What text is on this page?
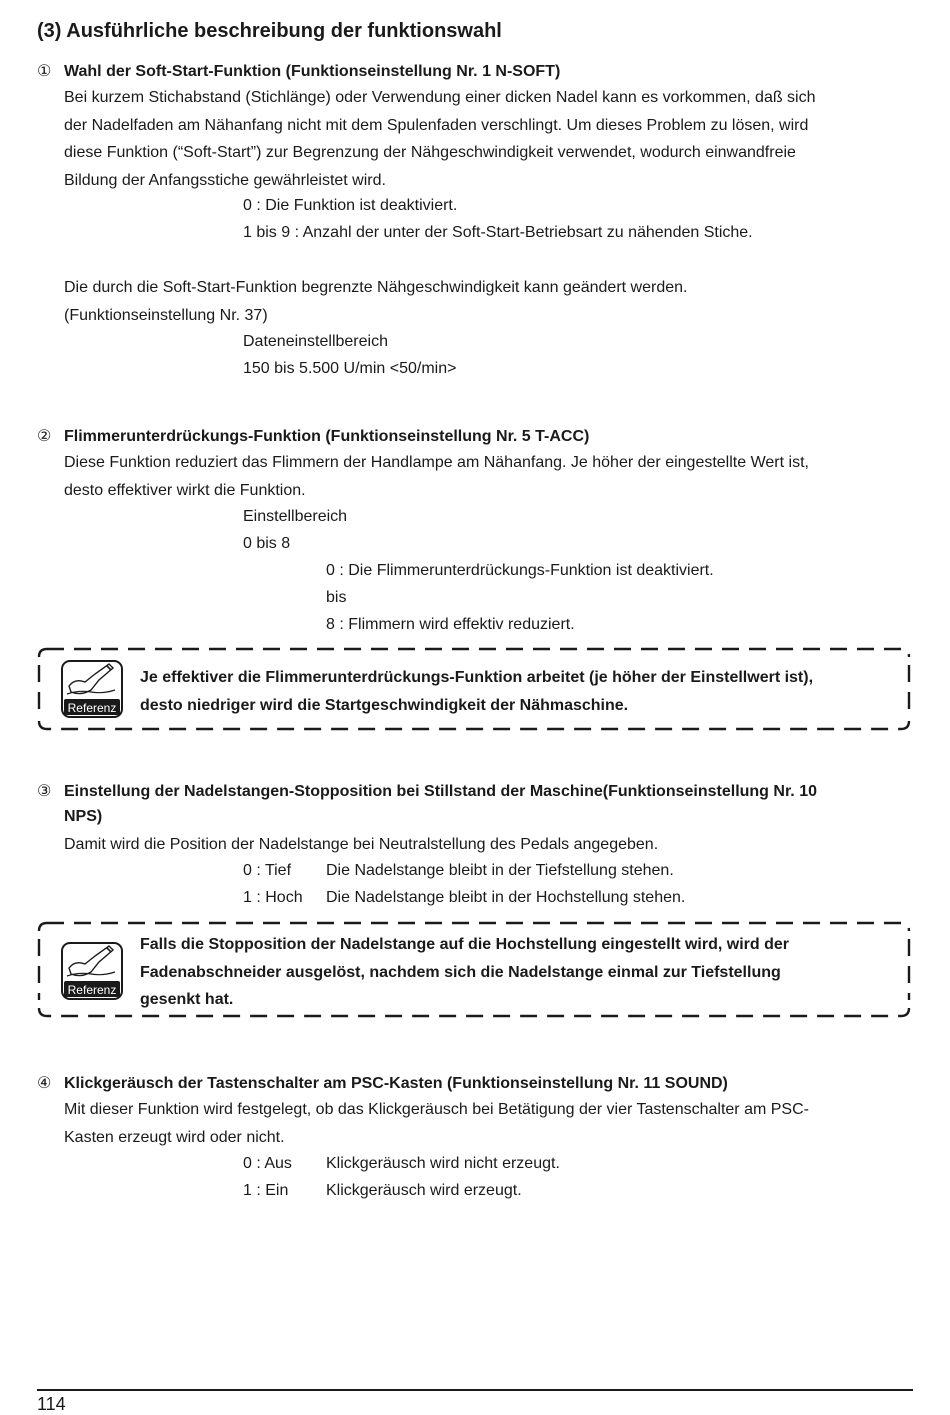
(3) Ausführliche beschreibung der funktionswahl
① Wahl der Soft-Start-Funktion (Funktionseinstellung Nr. 1 N-SOFT)
Bei kurzem Stichabstand (Stichlänge) oder Verwendung einer dicken Nadel kann es vorkommen, daß sich
der Nadelfaden am Nähanfang nicht mit dem Spulenfaden verschlingt. Um dieses Problem zu lösen, wird
diese Funktion (“Soft-Start”) zur Begrenzung der Nähgeschwindigkeit verwendet, wodurch einwandfreie
Bildung der Anfangsstiche gewährleistet wird.
0 : Die Funktion ist deaktiviert.
1 bis 9 : Anzahl der unter der Soft-Start-Betriebsart zu nähenden Stiche.
Die durch die Soft-Start-Funktion begrenzte Nähgeschwindigkeit kann geändert werden.
(Funktionseinstellung Nr. 37)
Dateneinstellbereich
150 bis 5.500 U/min <50/min>
② Flimmerunterdrückungs-Funktion (Funktionseinstellung Nr. 5 T-ACC)
Diese Funktion reduziert das Flimmern der Handlampe am Nähanfang. Je höher der eingestellte Wert ist,
desto effektiver wirkt die Funktion.
Einstellbereich
0 bis 8
0 : Die Flimmerunterdrückungs-Funktion ist deaktiviert.
bis
8 : Flimmern wird effektiv reduziert.
Referenz
Je effektiver die Flimmerunterdrückungs-Funktion arbeitet (je höher der Einstellwert ist),
desto niedriger wird die Startgeschwindigkeit der Nähmaschine.
③ Einstellung der Nadelstangen-Stopposition bei Stillstand der Maschine(Funktionseinstellung Nr. 10
NPS)
Damit wird die Position der Nadelstange bei Neutralstellung des Pedals angegeben.
0 : Tief Die Nadelstange bleibt in der Tiefstellung stehen.
1 : Hoch Die Nadelstange bleibt in der Hochstellung stehen.
Referenz
Falls die Stopposition der Nadelstange auf die Hochstellung eingestellt wird, wird der
Fadenabschneider ausgelöst, nachdem sich die Nadelstange einmal zur Tiefstellung
gesenkt hat.
④ Klickgeräusch der Tastenschalter am PSC-Kasten (Funktionseinstellung Nr. 11 SOUND)
Mit dieser Funktion wird festgelegt, ob das Klickgeräusch bei Betätigung der vier Tastenschalter am PSC-
Kasten erzeugt wird oder nicht.
0 : Aus Klickgeräusch wird nicht erzeugt.
1 : Ein Klickgeräusch wird erzeugt.
114
